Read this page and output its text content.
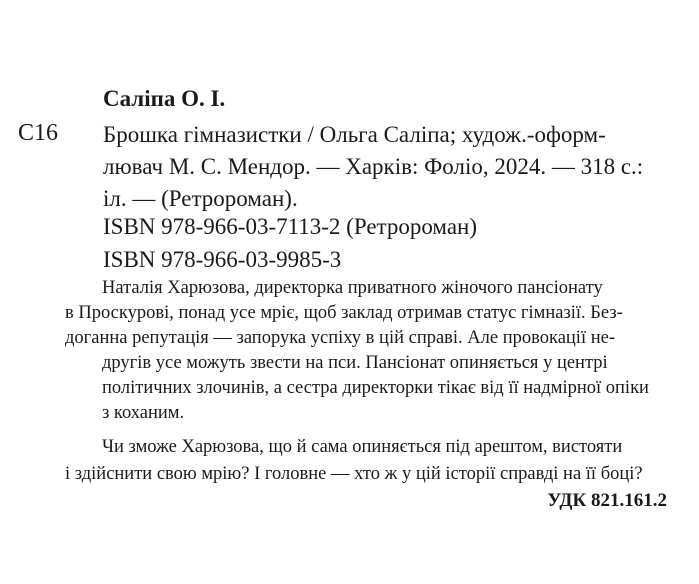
Саліпа О. І.
С16 Брошка гімназистки / Ольга Саліпа; худож.-оформ-
лювач М. С. Мендор. — Харків: Фоліо, 2024. — 318 с.:
іл. — (Ретророман).
ISBN 978-966-03-7113-2 (Ретророман)
ISBN 978-966-03-9985-3
Наталія Харюзова, директорка приватного жіночого пансіонату
в Проскурові, понад усе мріє, щоб заклад отримав статус гімназії. Без-
доганна репутація — запорука успіху в цій справі. Але провокації не-
другів усе можуть звести на пси. Пансіонат опиняється у центрі
політичних злочинів, а сестра директорки тікає від її надмірної опіки
з коханим.
Чи зможе Харюзова, що й сама опиняється під арештом, вистояти
і здійснити свою мрію? І головне — хто ж у цій історії справді на її боці?
УДК 821.161.2
